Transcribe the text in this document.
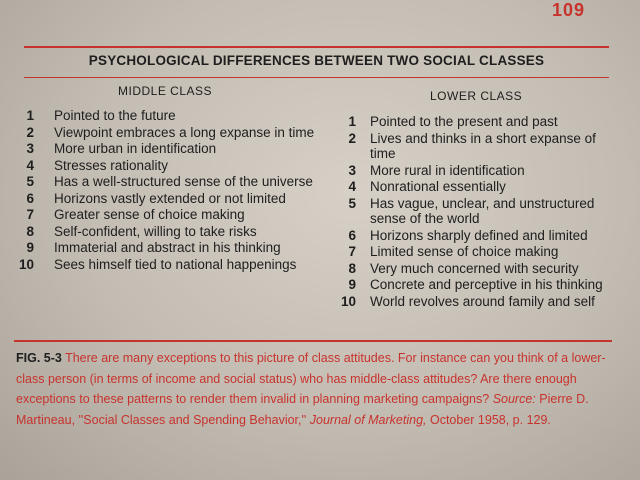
109
PSYCHOLOGICAL DIFFERENCES BETWEEN TWO SOCIAL CLASSES
MIDDLE CLASS	LOWER CLASS
1	Pointed to the future
2	Viewpoint embraces a long expanse in time
3	More urban in identification
4	Stresses rationality
5	Has a well-structured sense of the universe
6	Horizons vastly extended or not limited
7	Greater sense of choice making
8	Self-confident, willing to take risks
9	Immaterial and abstract in his thinking
10	Sees himself tied to national happenings
1	Pointed to the present and past
2	Lives and thinks in a short expanse of time
3	More rural in identification
4	Nonrational essentially
5	Has vague, unclear, and unstructured sense of the world
6	Horizons sharply defined and limited
7	Limited sense of choice making
8	Very much concerned with security
9	Concrete and perceptive in his thinking
10	World revolves around family and self
FIG. 5-3 There are many exceptions to this picture of class attitudes. For instance can you think of a lower-class person (in terms of income and social status) who has middle-class attitudes? Are there enough exceptions to these patterns to render them invalid in planning marketing campaigns? Source: Pierre D. Martineau, ''Social Classes and Spending Behavior,'' Journal of Marketing, October 1958, p. 129.
